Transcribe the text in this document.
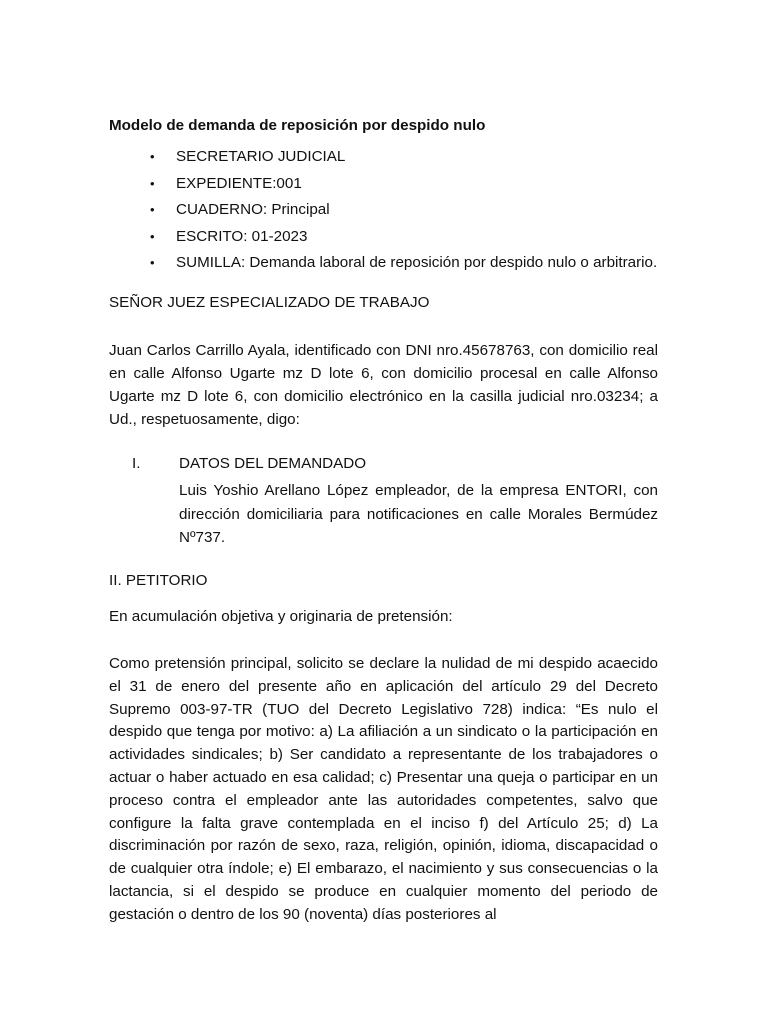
Modelo de demanda de reposición por despido nulo
• SECRETARIO JUDICIAL
• EXPEDIENTE:001
• CUADERNO: Principal
• ESCRITO: 01-2023
• SUMILLA: Demanda laboral de reposición por despido nulo o arbitrario.
SEÑOR JUEZ ESPECIALIZADO DE TRABAJO

Juan Carlos Carrillo Ayala, identificado con DNI nro.45678763, con domicilio real en calle Alfonso Ugarte mz D lote 6, con domicilio procesal en calle Alfonso Ugarte mz D lote 6, con domicilio electrónico en la casilla judicial nro.03234; a Ud., respetuosamente, digo:

I.	DATOS DEL DEMANDADO

Luis Yoshio Arellano López empleador, de la empresa ENTORI, con dirección domiciliaria para notificaciones en calle Morales Bermúdez Nº737.

II. PETITORIO
En acumulación objetiva y originaria de pretensión:

Como pretensión principal, solicito se declare la nulidad de mi despido acaecido el 31 de enero del presente año en aplicación del artículo 29 del Decreto Supremo 003-97-TR (TUO del Decreto Legislativo 728) indica: “Es nulo el despido que tenga por motivo: a) La afiliación a un sindicato o la participación en actividades sindicales; b) Ser candidato a representante de los trabajadores o actuar o haber actuado en esa calidad; c) Presentar una queja o participar en un proceso contra el empleador ante las autoridades competentes, salvo que configure la falta grave contemplada en el inciso f) del Artículo 25; d) La discriminación por razón de sexo, raza, religión, opinión, idioma, discapacidad o de cualquier otra índole; e) El embarazo, el nacimiento y sus consecuencias o la lactancia, si el despido se produce en cualquier momento del periodo de gestación o dentro de los 90 (noventa) días posteriores al
